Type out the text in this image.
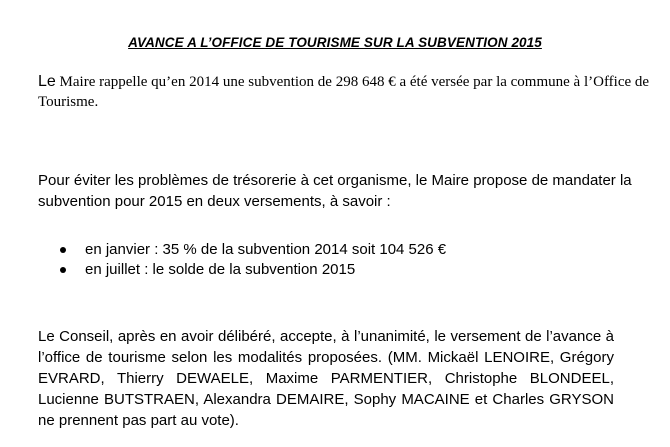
AVANCE A L’OFFICE DE TOURISME SUR LA SUBVENTION 2015
Le Maire rappelle qu’en 2014 une subvention de 298 648 € a été versée par la commune à l’Office de Tourisme.
Pour éviter les problèmes de trésorerie à cet organisme, le Maire propose de mandater la subvention pour 2015 en deux versements, à savoir :
en janvier : 35 % de la subvention 2014 soit 104 526 €
en juillet : le solde de la subvention 2015
Le Conseil, après en avoir délibéré, accepte, à l’unanimité, le versement de l’avance à l’office de tourisme selon les modalités proposées. (MM. Mickaël LENOIRE, Grégory EVRARD, Thierry DEWAELE, Maxime PARMENTIER, Christophe BLONDEEL, Lucienne BUTSTRAEN, Alexandra DEMAIRE, Sophy MACAINE et Charles GRYSON ne prennent pas part au vote).
